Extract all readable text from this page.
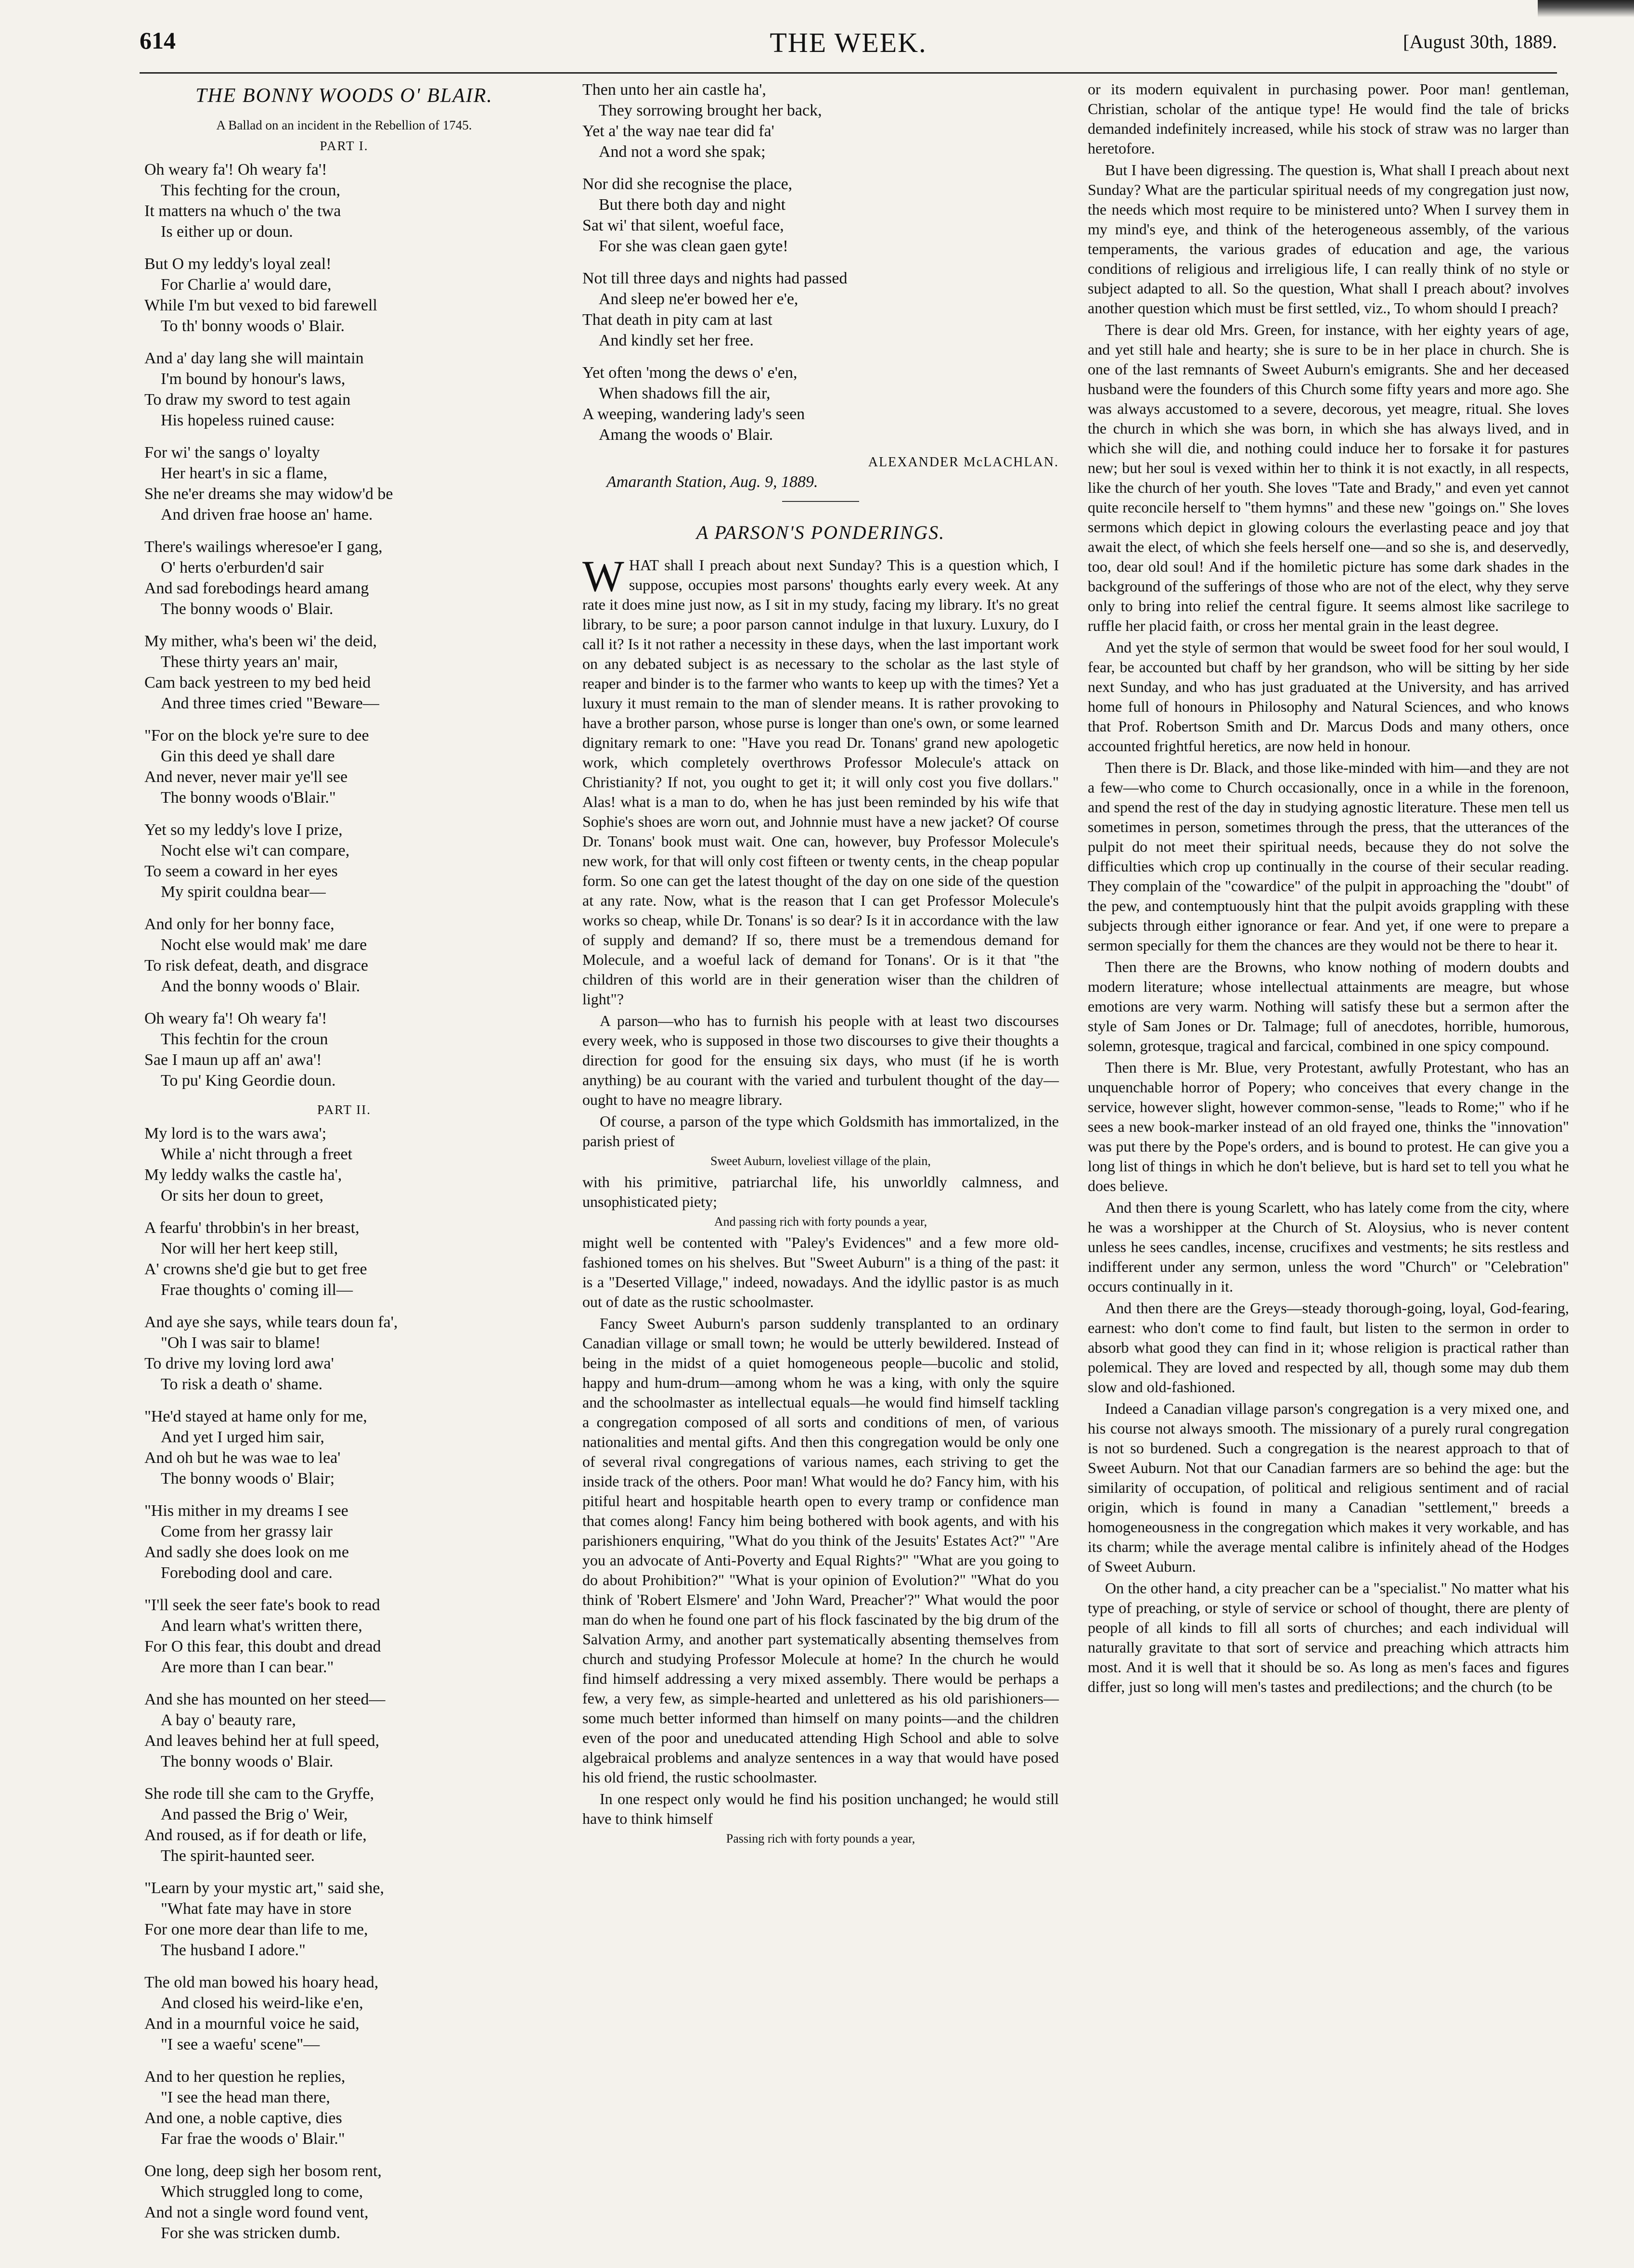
614	THE WEEK.	[August 30th, 1889.
THE BONNY WOODS O' BLAIR.
A Ballad on an incident in the Rebellion of 1745.
PART I.
Oh weary fa'! Oh weary fa'!
This fechting for the croun,
It matters na whuch o' the twa
Is either up or doun.
But O my leddy's loyal zeal!
For Charlie a' would dare,
While I'm but vexed to bid farewell
To th' bonny woods o' Blair.
And a' day lang she will maintain
I'm bound by honour's laws,
To draw my sword to test again
His hopeless ruined cause:
For wi' the sangs o' loyalty
Her heart's in sic a flame,
She ne'er dreams she may widow'd be
And driven frae hoose an' hame.
There's wailings wheresoe'er I gang,
O' herts o'erburden'd sair
And sad forebodings heard amang
The bonny woods o' Blair.
My mither, wha's been wi' the deid,
These thirty years an' mair,
Cam back yestreen to my bed heid
And three times cried "Beware—
"For on the block ye're sure to dee
Gin this deed ye shall dare
And never, never mair ye'll see
The bonny woods o'Blair."
Yet so my leddy's love I prize,
Nocht else wi't can compare,
To seem a coward in her eyes
My spirit couldna bear—
And only for her bonny face,
Nocht else would mak' me dare
To risk defeat, death, and disgrace
And the bonny woods o' Blair.
Oh weary fa'! Oh weary fa'!
This fechtin for the croun
Sae I maun up aff an' awa'!
To pu' King Geordie doun.
PART II.
My lord is to the wars awa';
While a' nicht through a freet
My leddy walks the castle ha',
Or sits her doun to greet,
A fearfu' throbbin's in her breast,
Nor will her hert keep still,
A' crowns she'd gie but to get free
Frae thoughts o' coming ill—
And aye she says, while tears doun fa',
"Oh I was sair to blame!
To drive my loving lord awa'
To risk a death o' shame.
"He'd stayed at hame only for me,
And yet I urged him sair,
And oh but he was wae to lea'
The bonny woods o' Blair;
"His mither in my dreams I see
Come from her grassy lair
And sadly she does look on me
Foreboding dool and care.
"I'll seek the seer fate's book to read
And learn what's written there,
For O this fear, this doubt and dread
Are more than I can bear."
And she has mounted on her steed—
A bay o' beauty rare,
And leaves behind her at full speed,
The bonny woods o' Blair.
She rode till she cam to the Gryffe,
And passed the Brig o' Weir,
And roused, as if for death or life,
The spirit-haunted seer.
"Learn by your mystic art," said she,
"What fate may have in store
For one more dear than life to me,
The husband I adore."
The old man bowed his hoary head,
And closed his weird-like e'en,
And in a mournful voice he said,
"I see a waefu' scene"—
And to her question he replies,
"I see the head man there,
And one, a noble captive, dies
Far frae the woods o' Blair."
One long, deep sigh her bosom rent,
Which struggled long to come,
And not a single word found vent,
For she was stricken dumb.
Then unto her ain castle ha',
They sorrowing brought her back,
Yet a' the way nae tear did fa'
And not a word she spak;
Nor did she recognise the place,
But there both day and night
Sat wi' that silent, woeful face,
For she was clean gaen gyte!
Not till three days and nights had passed
And sleep ne'er bowed her e'e,
That death in pity cam at last
And kindly set her free.
Yet often 'mong the dews o' e'en,
When shadows fill the air,
A weeping, wandering lady's seen
Amang the woods o' Blair.
ALEXANDER McLACHLAN.
Amaranth Station, Aug. 9, 1889.
A PARSON'S PONDERINGS.

WHAT shall I preach about next Sunday? This is a question which, I suppose, occupies most parsons' thoughts early every week. At any rate it does mine just now, as I sit in my study, facing my library. It's no great library, to be sure; a poor parson cannot indulge in that luxury. Luxury, do I call it? Is it not rather a necessity in these days, when the last important work on any debated subject is as necessary to the scholar as the last style of reaper and binder is to the farmer who wants to keep up with the times? Yet a luxury it must remain to the man of slender means. It is rather provoking to have a brother parson, whose purse is longer than one's own, or some learned dignitary remark to one: "Have you read Dr. Tonans' grand new apologetic work, which completely overthrows Professor Molecule's attack on Christianity? If not, you ought to get it; it will only cost you five dollars." Alas! what is a man to do, when he has just been reminded by his wife that Sophie's shoes are worn out, and Johnnie must have a new jacket? Of course Dr. Tonans' book must wait. One can, however, buy Professor Molecule's new work, for that will only cost fifteen or twenty cents, in the cheap popular form. So one can get the latest thought of the day on one side of the question at any rate. Now, what is the reason that I can get Professor Molecule's works so cheap, while Dr. Tonans' is so dear? Is it in accordance with the law of supply and demand? If so, there must be a tremendous demand for Molecule, and a woeful lack of demand for Tonans'. Or is it that "the children of this world are in their generation wiser than the children of light"?

A parson—who has to furnish his people with at least two discourses every week, who is supposed in those two discourses to give their thoughts a direction for good for the ensuing six days, who must (if he is worth anything) be au courant with the varied and turbulent thought of the day—ought to have no meagre library.

Of course, a parson of the type which Goldsmith has immortalized, in the parish priest of

Sweet Auburn, loveliest village of the plain,

with his primitive, patriarchal life, his unworldly calmness, and unsophisticated piety;

And passing rich with forty pounds a year,

might well be contented with "Paley's Evidences" and a few more old-fashioned tomes on his shelves. But "Sweet Auburn" is a thing of the past: it is a "Deserted Village," indeed, nowadays. And the idyllic pastor is as much out of date as the rustic schoolmaster.

Fancy Sweet Auburn's parson suddenly transplanted to an ordinary Canadian village or small town; he would be utterly bewildered. Instead of being in the midst of a quiet homogeneous people—bucolic and stolid, happy and hum-drum—among whom he was a king, with only the squire and the schoolmaster as intellectual equals—he would find himself tackling a congregation composed of all sorts and conditions of men, of various nationalities and mental gifts. And then this congregation would be only one of several rival congregations of various names, each striving to get the inside track of the others. Poor man! What would he do? Fancy him, with his pitiful heart and hospitable hearth open to every tramp or confidence man that comes along! Fancy him being bothered with book agents, and with his parishioners enquiring, "What do you think of the Jesuits' Estates Act?" "Are you an advocate of Anti-Poverty and Equal Rights?" "What are you going to do about Prohibition?" "What is your opinion of Evolution?" "What do you think of 'Robert Elsmere' and 'John Ward, Preacher'?" What would the poor man do when he found one part of his flock fascinated by the big drum of the Salvation Army, and another part systematically absenting themselves from church and studying Professor Molecule at home? In the church he would find himself addressing a very mixed assembly. There would be perhaps a few, a very few, as simple-hearted and unlettered as his old parishioners—some much better informed than himself on many points—and the children even of the poor and uneducated attending High School and able to solve algebraical problems and analyze sentences in a way that would have posed his old friend, the rustic schoolmaster.

In one respect only would he find his position unchanged; he would still have to think himself

Passing rich with forty pounds a year,

or its modern equivalent in purchasing power. Poor man! gentleman, Christian, scholar of the antique type! He would find the tale of bricks demanded indefinitely increased, while his stock of straw was no larger than heretofore.

But I have been digressing. The question is, What shall I preach about next Sunday? What are the particular spiritual needs of my congregation just now, the needs which most require to be ministered unto? When I survey them in my mind's eye, and think of the heterogeneous assembly, of the various temperaments, the various grades of education and age, the various conditions of religious and irreligious life, I can really think of no style or subject adapted to all. So the question, What shall I preach about? involves another question which must be first settled, viz., To whom should I preach?

There is dear old Mrs. Green, for instance, with her eighty years of age, and yet still hale and hearty; she is sure to be in her place in church. She is one of the last remnants of Sweet Auburn's emigrants. She and her deceased husband were the founders of this Church some fifty years and more ago. She was always accustomed to a severe, decorous, yet meagre, ritual. She loves the church in which she was born, in which she has always lived, and in which she will die, and nothing could induce her to forsake it for pastures new; but her soul is vexed within her to think it is not exactly, in all respects, like the church of her youth. She loves "Tate and Brady," and even yet cannot quite reconcile herself to "them hymns" and these new "goings on." She loves sermons which depict in glowing colours the everlasting peace and joy that await the elect, of which she feels herself one—and so she is, and deservedly, too, dear old soul! And if the homiletic picture has some dark shades in the background of the sufferings of those who are not of the elect, why they serve only to bring into relief the central figure. It seems almost like sacrilege to ruffle her placid faith, or cross her mental grain in the least degree.

And yet the style of sermon that would be sweet food for her soul would, I fear, be accounted but chaff by her grandson, who will be sitting by her side next Sunday, and who has just graduated at the University, and has arrived home full of honours in Philosophy and Natural Sciences, and who knows that Prof. Robertson Smith and Dr. Marcus Dods and many others, once accounted frightful heretics, are now held in honour.

Then there is Dr. Black, and those like-minded with him—and they are not a few—who come to Church occasionally, once in a while in the forenoon, and spend the rest of the day in studying agnostic literature. These men tell us sometimes in person, sometimes through the press, that the utterances of the pulpit do not meet their spiritual needs, because they do not solve the difficulties which crop up continually in the course of their secular reading. They complain of the "cowardice" of the pulpit in approaching the "doubt" of the pew, and contemptuously hint that the pulpit avoids grappling with these subjects through either ignorance or fear. And yet, if one were to prepare a sermon specially for them the chances are they would not be there to hear it.

Then there are the Browns, who know nothing of modern doubts and modern literature; whose intellectual attainments are meagre, but whose emotions are very warm. Nothing will satisfy these but a sermon after the style of Sam Jones or Dr. Talmage; full of anecdotes, horrible, humorous, solemn, grotesque, tragical and farcical, combined in one spicy compound.

Then there is Mr. Blue, very Protestant, awfully Protestant, who has an unquenchable horror of Popery; who conceives that every change in the service, however slight, however common-sense, "leads to Rome;" who if he sees a new book-marker instead of an old frayed one, thinks the "innovation" was put there by the Pope's orders, and is bound to protest. He can give you a long list of things in which he don't believe, but is hard set to tell you what he does believe.

And then there is young Scarlett, who has lately come from the city, where he was a worshipper at the Church of St. Aloysius, who is never content unless he sees candles, incense, crucifixes and vestments; he sits restless and indifferent under any sermon, unless the word "Church" or "Celebration" occurs continually in it.

And then there are the Greys—steady thorough-going, loyal, God-fearing, earnest: who don't come to find fault, but listen to the sermon in order to absorb what good they can find in it; whose religion is practical rather than polemical. They are loved and respected by all, though some may dub them slow and old-fashioned.

Indeed a Canadian village parson's congregation is a very mixed one, and his course not always smooth. The missionary of a purely rural congregation is not so burdened. Such a congregation is the nearest approach to that of Sweet Auburn. Not that our Canadian farmers are so behind the age: but the similarity of occupation, of political and religious sentiment and of racial origin, which is found in many a Canadian "settlement," breeds a homogeneousness in the congregation which makes it very workable, and has its charm; while the average mental calibre is infinitely ahead of the Hodges of Sweet Auburn.

On the other hand, a city preacher can be a "specialist." No matter what his type of preaching, or style of service or school of thought, there are plenty of people of all kinds to fill all sorts of churches; and each individual will naturally gravitate to that sort of service and preaching which attracts him most. And it is well that it should be so. As long as men's faces and figures differ, just so long will men's tastes and predilections; and the church (to be
